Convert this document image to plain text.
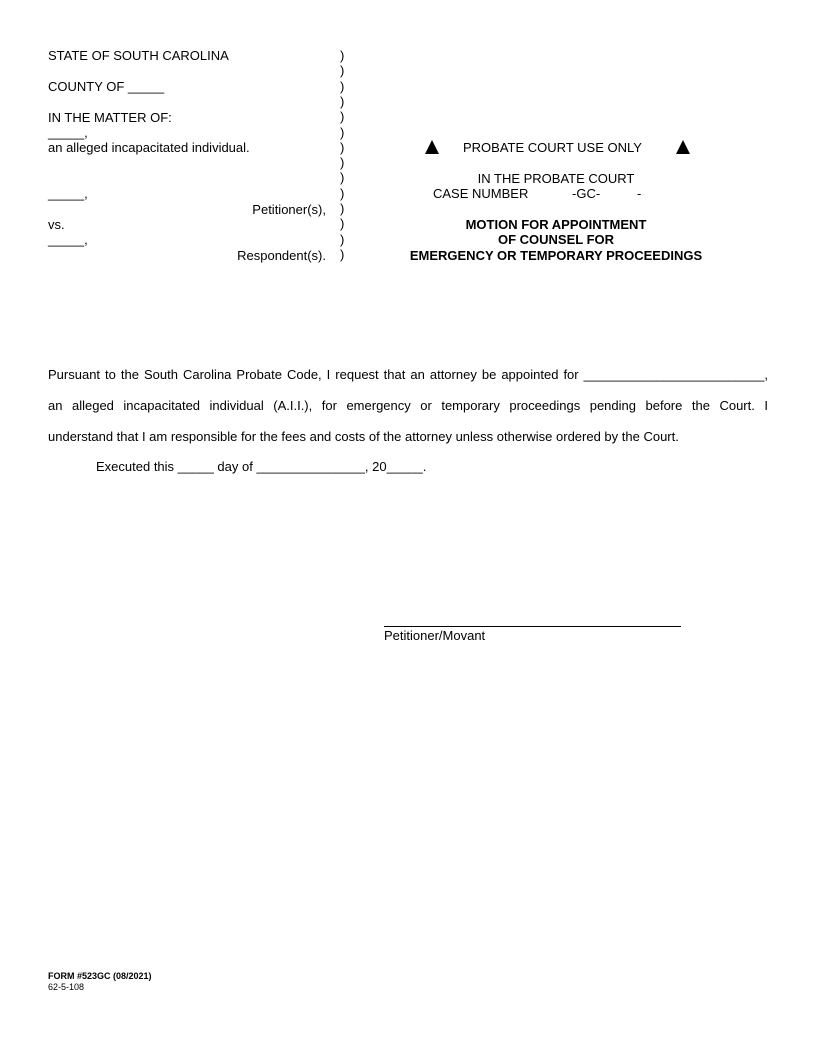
STATE OF SOUTH CAROLINA
COUNTY OF _____
IN THE MATTER OF:
_____,
an alleged incapacitated individual.
_____,
Petitioner(s),
vs.
_____,
Respondent(s).
)
)
)
)
)
)
)
)
)
)
)
)
)
)
PROBATE COURT USE ONLY
IN THE PROBATE COURT
CASE NUMBER	-GC-	-
MOTION FOR APPOINTMENT
OF COUNSEL FOR
EMERGENCY OR TEMPORARY PROCEEDINGS
Pursuant to the South Carolina Probate Code, I request that an attorney be appointed for _________________________,
an alleged incapacitated individual (A.I.I.), for emergency or temporary proceedings pending before the Court. I
understand that I am responsible for the fees and costs of the attorney unless otherwise ordered by the Court.
Executed this _____ day of _______________, 20_____.
Petitioner/Movant
FORM #523GC (08/2021)
62-5-108
